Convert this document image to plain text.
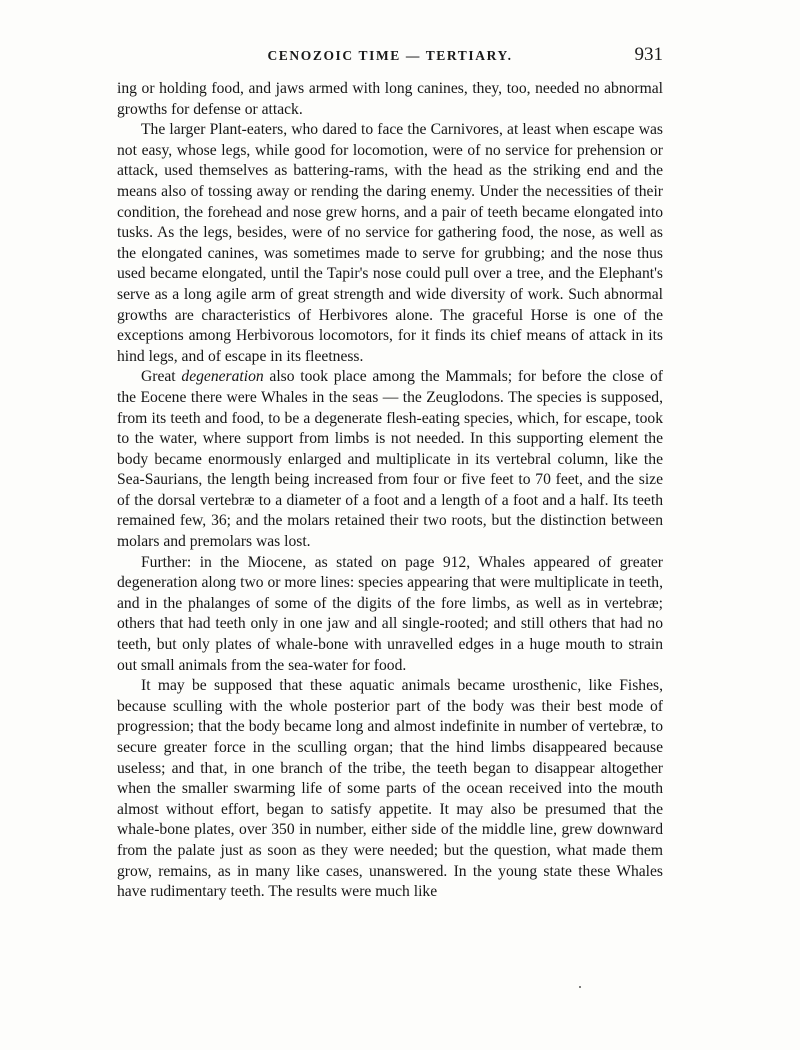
CENOZOIC TIME — TERTIARY.	931

ing or holding food, and jaws armed with long canines, they, too, needed no abnormal growths for defense or attack.

The larger Plant-eaters, who dared to face the Carnivores, at least when escape was not easy, whose legs, while good for locomotion, were of no service for prehension or attack, used themselves as battering-rams, with the head as the striking end and the means also of tossing away or rending the daring enemy. Under the necessities of their condition, the forehead and nose grew horns, and a pair of teeth became elongated into tusks. As the legs, besides, were of no service for gathering food, the nose, as well as the elongated canines, was sometimes made to serve for grubbing; and the nose thus used became elongated, until the Tapir's nose could pull over a tree, and the Elephant's serve as a long agile arm of great strength and wide diversity of work. Such abnormal growths are characteristics of Herbivores alone. The graceful Horse is one of the exceptions among Herbivorous locomotors, for it finds its chief means of attack in its hind legs, and of escape in its fleetness.

Great degeneration also took place among the Mammals; for before the close of the Eocene there were Whales in the seas — the Zeuglodons. The species is supposed, from its teeth and food, to be a degenerate flesh-eating species, which, for escape, took to the water, where support from limbs is not needed. In this supporting element the body became enormously enlarged and multiplicate in its vertebral column, like the Sea-Saurians, the length being increased from four or five feet to 70 feet, and the size of the dorsal vertebræ to a diameter of a foot and a length of a foot and a half. Its teeth remained few, 36; and the molars retained their two roots, but the distinction between molars and premolars was lost.

Further: in the Miocene, as stated on page 912, Whales appeared of greater degeneration along two or more lines: species appearing that were multiplicate in teeth, and in the phalanges of some of the digits of the fore limbs, as well as in vertebræ; others that had teeth only in one jaw and all single-rooted; and still others that had no teeth, but only plates of whale-bone with unravelled edges in a huge mouth to strain out small animals from the sea-water for food.

It may be supposed that these aquatic animals became urosthenic, like Fishes, because sculling with the whole posterior part of the body was their best mode of progression; that the body became long and almost indefinite in number of vertebræ, to secure greater force in the sculling organ; that the hind limbs disappeared because useless; and that, in one branch of the tribe, the teeth began to disappear altogether when the smaller swarming life of some parts of the ocean received into the mouth almost without effort, began to satisfy appetite. It may also be presumed that the whale-bone plates, over 350 in number, either side of the middle line, grew downward from the palate just as soon as they were needed; but the question, what made them grow, remains, as in many like cases, unanswered. In the young state these Whales have rudimentary teeth. The results were much like
